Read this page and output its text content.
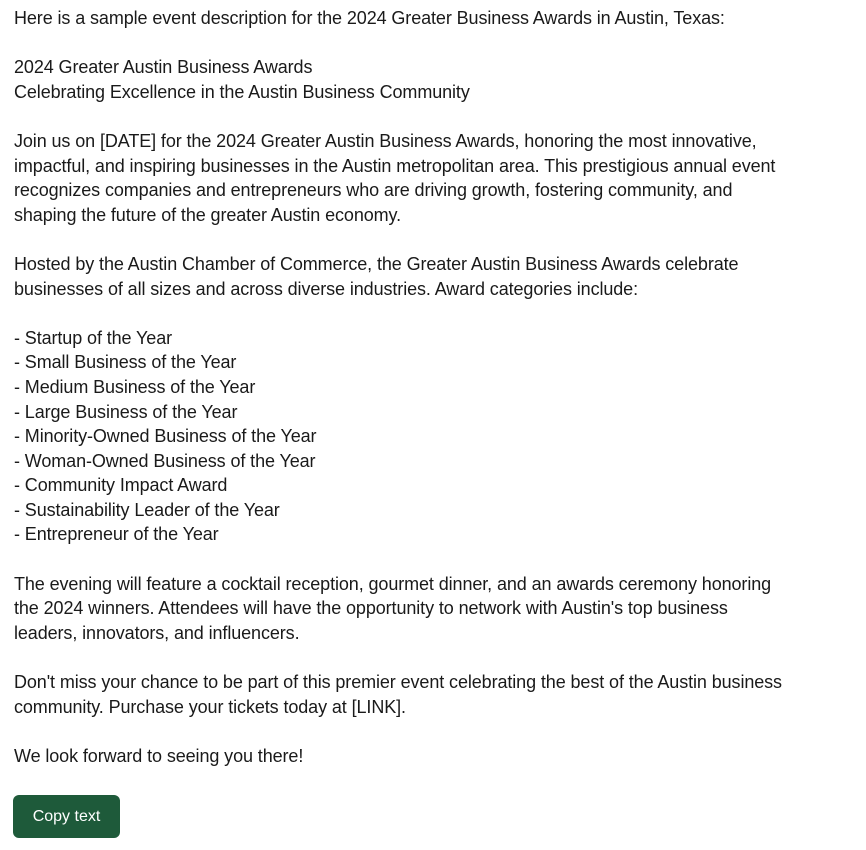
Here is a sample event description for the 2024 Greater Business Awards in Austin, Texas:
2024 Greater Austin Business Awards
Celebrating Excellence in the Austin Business Community
Join us on [DATE] for the 2024 Greater Austin Business Awards, honoring the most innovative,
impactful, and inspiring businesses in the Austin metropolitan area. This prestigious annual event
recognizes companies and entrepreneurs who are driving growth, fostering community, and
shaping the future of the greater Austin economy.
Hosted by the Austin Chamber of Commerce, the Greater Austin Business Awards celebrate
businesses of all sizes and across diverse industries. Award categories include:
- Startup of the Year
- Small Business of the Year
- Medium Business of the Year
- Large Business of the Year
- Minority-Owned Business of the Year
- Woman-Owned Business of the Year
- Community Impact Award
- Sustainability Leader of the Year
- Entrepreneur of the Year
The evening will feature a cocktail reception, gourmet dinner, and an awards ceremony honoring
the 2024 winners. Attendees will have the opportunity to network with Austin's top business
leaders, innovators, and influencers.
Don't miss your chance to be part of this premier event celebrating the best of the Austin business
community. Purchase your tickets today at [LINK].
We look forward to seeing you there!
Copy text
